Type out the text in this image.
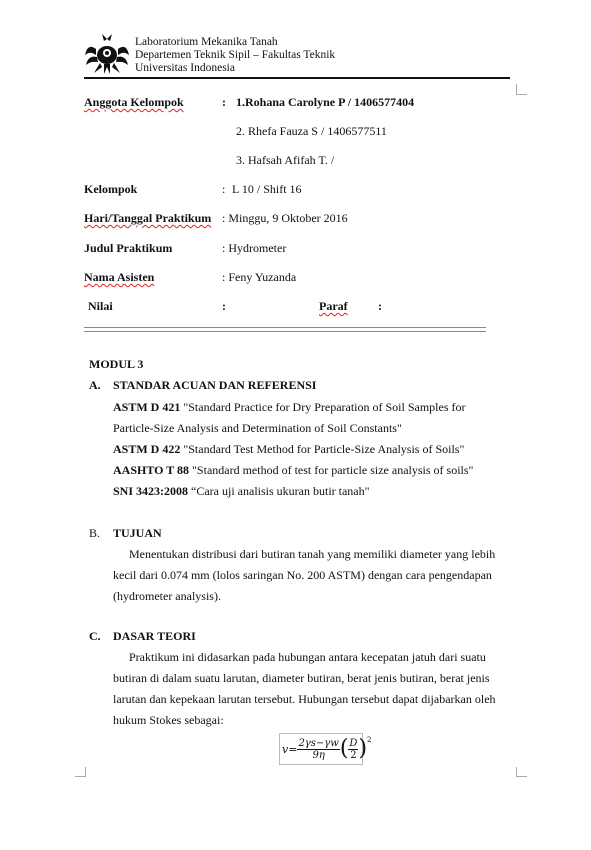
Laboratorium Mekanika Tanah
Departemen Teknik Sipil – Fakultas Teknik
Universitas Indonesia
Anggota Kelompok	: 1.Rohana Carolyne P / 1406577404
2. Rhefa Fauza S / 1406577511
3. Hafsah Afifah T. /
Kelompok	: L 10 / Shift 16
Hari/Tanggal Praktikum : Minggu, 9 Oktober 2016
Judul Praktikum	: Hydrometer
Nama Asisten	: Feny Yuzanda
Nilai	:	Paraf	:
MODUL 3
A. STANDAR ACUAN DAN REFERENSI
ASTM D 421 "Standard Practice for Dry Preparation of Soil Samples for
Particle-Size Analysis and Determination of Soil Constants"
ASTM D 422 "Standard Test Method for Particle-Size Analysis of Soils"
AASHTO T 88 "Standard method of test for particle size analysis of soils"
SNI 3423:2008 “Cara uji analisis ukuran butir tanah"
B. TUJUAN
Menentukan distribusi dari butiran tanah yang memiliki diameter yang lebih
kecil dari 0.074 mm (lolos saringan No. 200 ASTM) dengan cara pengendapan
(hydrometer analysis).
C. DASAR TEORI
Praktikum ini didasarkan pada hubungan antara kecepatan jatuh dari suatu
butiran di dalam suatu larutan, diameter butiran, berat jenis butiran, berat jenis
larutan dan kepekaan larutan tersebut. Hubungan tersebut dapat dijabarkan oleh
hukum Stokes sebagai:
$v= \frac{2\gamma s-\gamma w}{9\eta}$ ( $\frac{D}{2}$ ) 2
